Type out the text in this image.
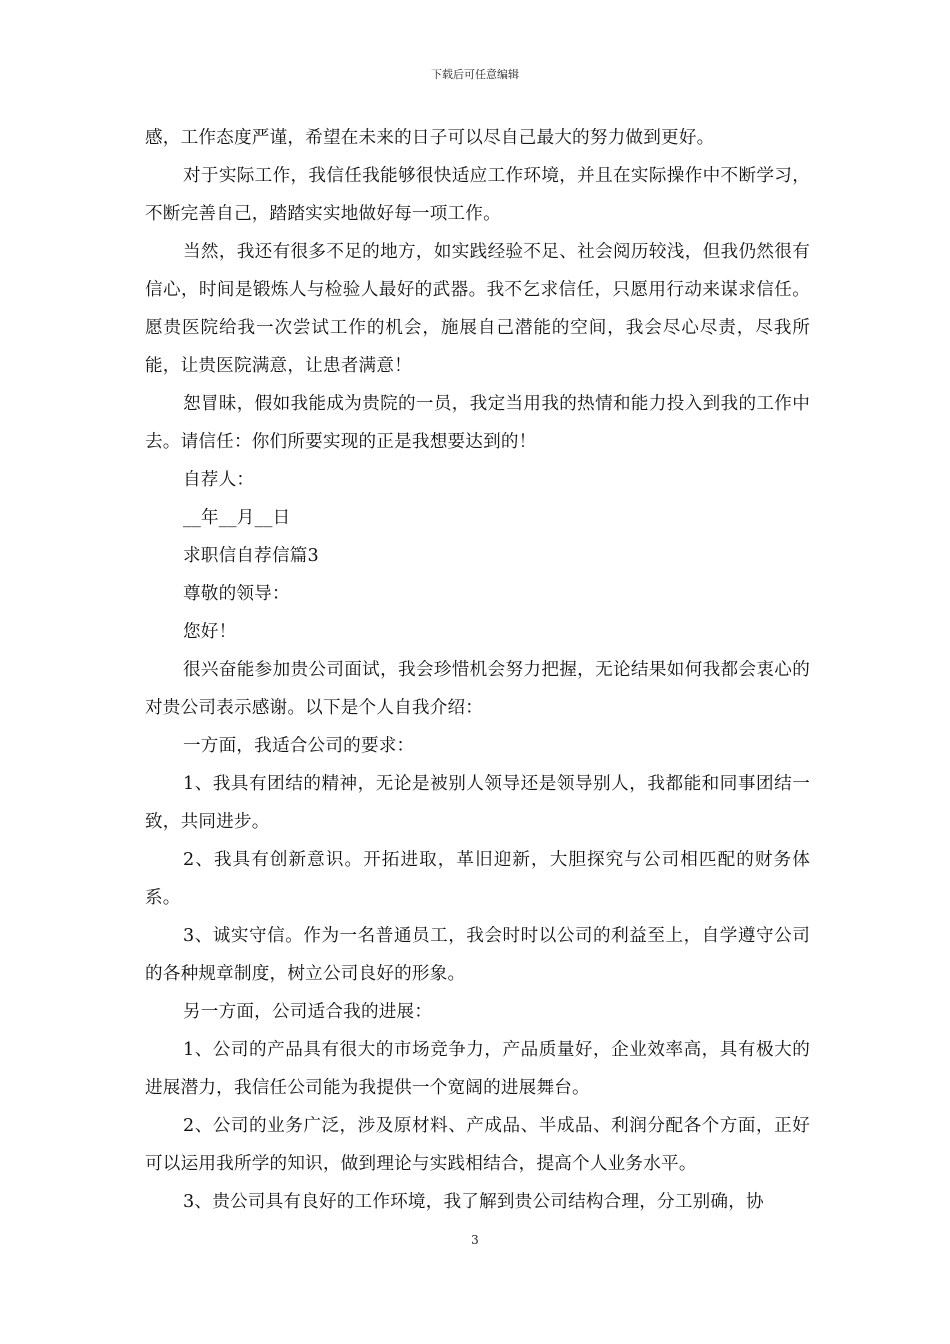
下载后可任意编辑

感，工作态度严谨，希望在未来的日子可以尽自己最大的努力做到更好。

对于实际工作，我信任我能够很快适应工作环境，并且在实际操作中不断学习，不断完善自己，踏踏实实地做好每一项工作。

当然，我还有很多不足的地方，如实践经验不足、社会阅历较浅，但我仍然很有信心，时间是锻炼人与检验人最好的武器。我不乞求信任，只愿用行动来谋求信任。愿贵医院给我一次尝试工作的机会，施展自己潜能的空间，我会尽心尽责，尽我所能，让贵医院满意，让患者满意！

恕冒昧，假如我能成为贵院的一员，我定当用我的热情和能力投入到我的工作中去。请信任：你们所要实现的正是我想要达到的！

自荐人：

__年__月__日

求职信自荐信篇3

尊敬的领导：

您好！

很兴奋能参加贵公司面试，我会珍惜机会努力把握，无论结果如何我都会衷心的对贵公司表示感谢。以下是个人自我介绍：

一方面，我适合公司的要求：

1、我具有团结的精神，无论是被别人领导还是领导别人，我都能和同事团结一致，共同进步。

2、我具有创新意识。开拓进取，革旧迎新，大胆探究与公司相匹配的财务体系。

3、诚实守信。作为一名普通员工，我会时时以公司的利益至上，自学遵守公司的各种规章制度，树立公司良好的形象。

另一方面，公司适合我的进展：

1、公司的产品具有很大的市场竞争力，产品质量好，企业效率高，具有极大的进展潜力，我信任公司能为我提供一个宽阔的进展舞台。

2、公司的业务广泛，涉及原材料、产成品、半成品、利润分配各个方面，正好可以运用我所学的知识，做到理论与实践相结合，提高个人业务水平。

3、贵公司具有良好的工作环境，我了解到贵公司结构合理，分工别确，协

3
